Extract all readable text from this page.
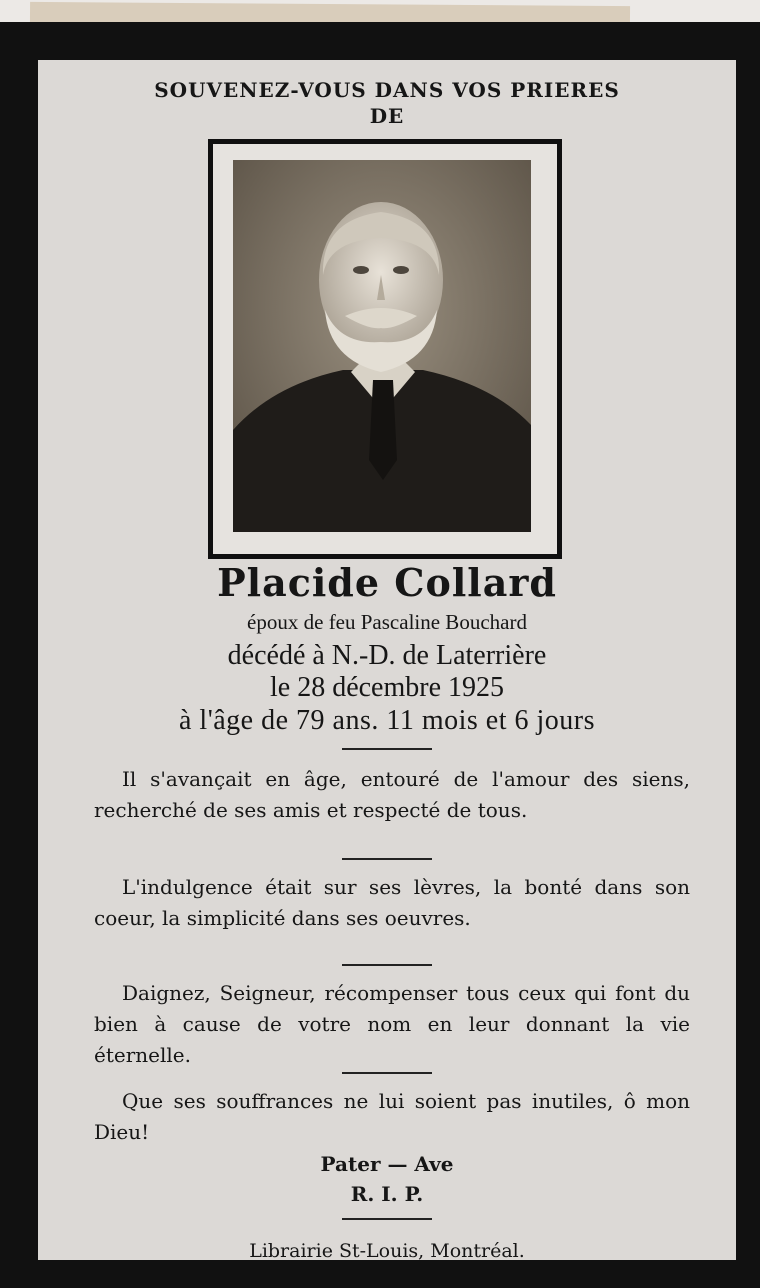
SOUVENEZ-VOUS DANS VOS PRIERES
DE
Placide Collard
époux de feu Pascaline Bouchard
décédé à N.-D. de Laterrière
le 28 décembre 1925
à l'âge de 79 ans. 11 mois et 6 jours
Il s'avançait en âge, entouré de l'amour des siens, recherché de ses amis et respecté de tous.
L'indulgence était sur ses lèvres, la bonté dans son coeur, la simplicité dans ses oeuvres.
Daignez, Seigneur, récompenser tous ceux qui font du bien à cause de votre nom en leur donnant la vie éternelle.
Que ses souffrances ne lui soient pas inutiles, ô mon Dieu!
Pater — Ave
R. I. P.
Librairie St-Louis, Montréal.
